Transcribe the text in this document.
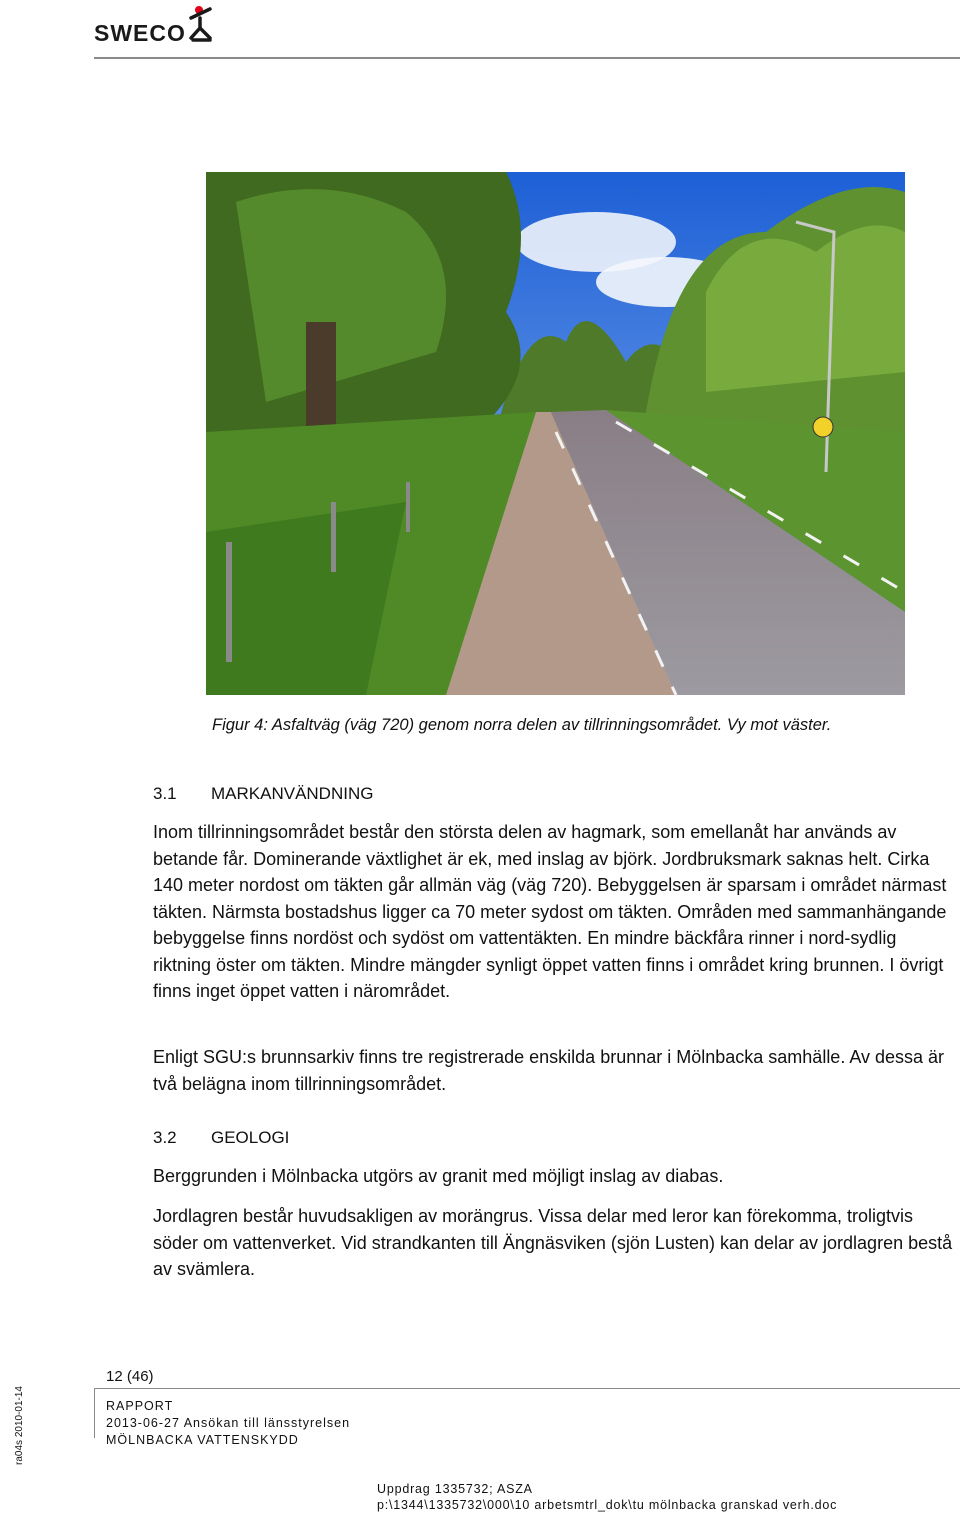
SWECO
Figur 4: Asfaltväg (väg 720) genom norra delen av tillrinningsområdet. Vy mot väster.
3.1 MARKANVÄNDNING

Inom tillrinningsområdet består den största delen av hagmark, som emellanåt har används av betande får. Dominerande växtlighet är ek, med inslag av björk. Jordbruksmark saknas helt. Cirka 140 meter nordost om täkten går allmän väg (väg 720). Bebyggelsen är sparsam i området närmast täkten. Närmsta bostadshus ligger ca 70 meter sydost om täkten. Områden med sammanhängande bebyggelse finns nordöst och sydöst om vattentäkten. En mindre bäckfåra rinner i nord-sydlig riktning öster om täkten. Mindre mängder synligt öppet vatten finns i området kring brunnen. I övrigt finns inget öppet vatten i närområdet.

Enligt SGU:s brunnsarkiv finns tre registrerade enskilda brunnar i Mölnbacka samhälle. Av dessa är två belägna inom tillrinningsområdet.

3.2 GEOLOGI

Berggrunden i Mölnbacka utgörs av granit med möjligt inslag av diabas.

Jordlagren består huvudsakligen av morängrus. Vissa delar med leror kan förekomma, troligtvis söder om vattenverket. Vid strandkanten till Ängnäsviken (sjön Lusten) kan delar av jordlagren bestå av svämlera.

12 (46)
RAPPORT
2013-06-27 Ansökan till länsstyrelsen
MÖLNBACKA VATTENSKYDD
ra04s 2010-01-14
Uppdrag 1335732; ASZA
p:\1344\1335732\000\10 arbetsmtrl_dok\tu mölnbacka granskad verh.doc
